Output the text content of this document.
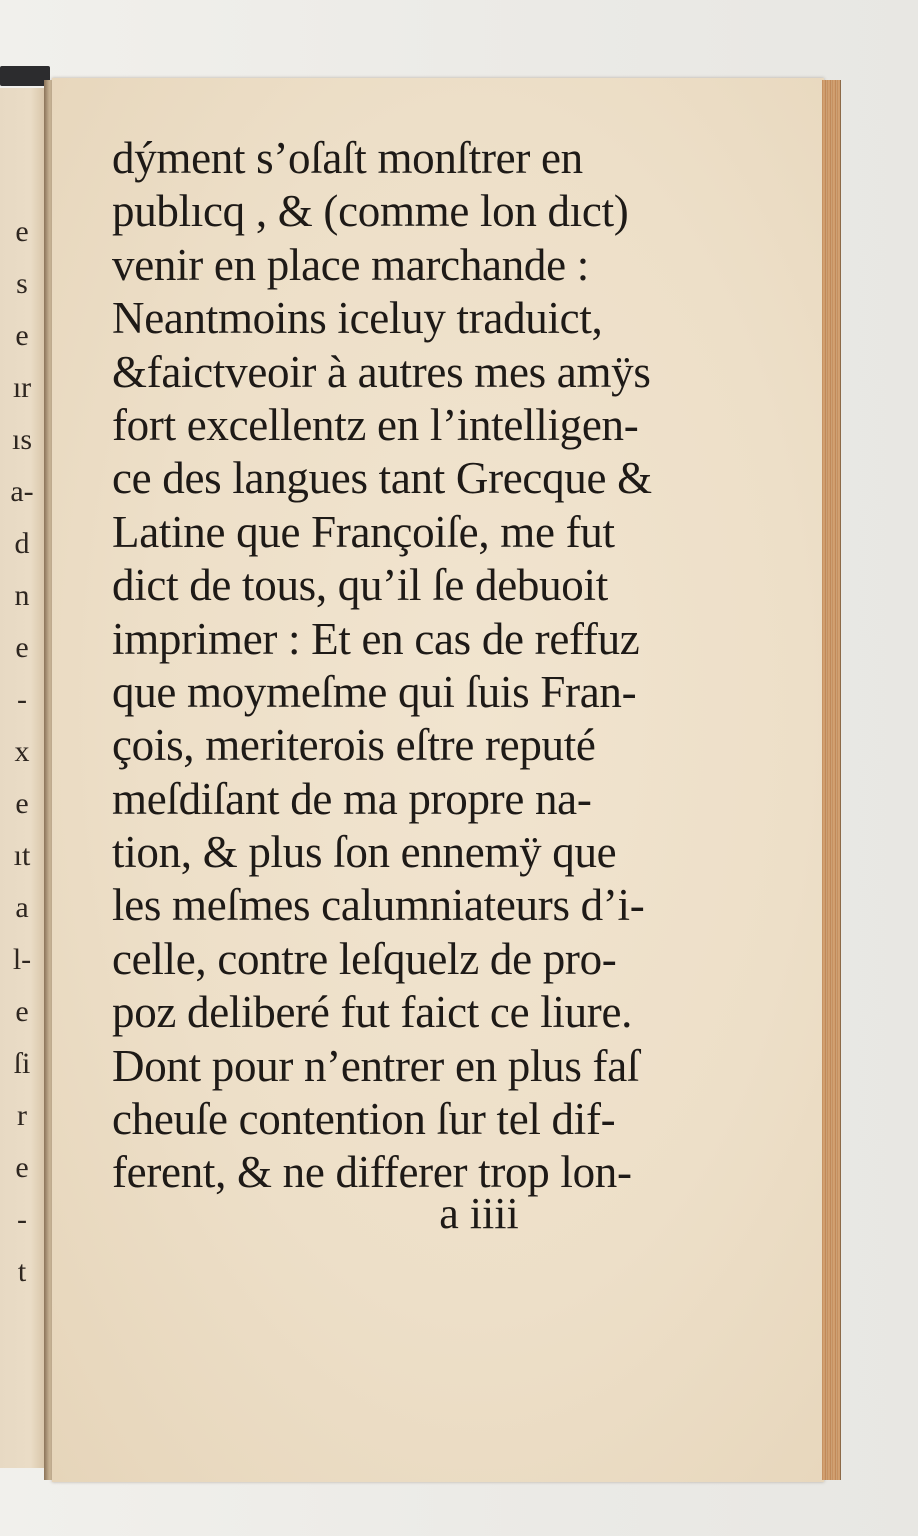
e
s
e
ır
ıs
a-
d
n
e
-
x
e
ıt
a
l-
e
ſi
r
e
-
t
dýment s’oſaſt monſtrer en
publıcq , & (comme lon dıct)
venir en place marchande :
Neantmoins iceluy traduict,
&faictveoir à autres mes amÿs
fort excellentz en l’intelligen-
ce des langues tant Grecque &
Latine que Françoiſe, me fut
dict de tous, qu’il ſe debuoit
imprimer : Et en cas de reffuz
que moymeſme qui ſuis Fran-
çois, meriterois eſtre reputé
meſdiſant de ma propre na-
tion, & plus ſon ennemÿ que
les meſmes calumniateurs d’i-
celle, contre leſquelz de pro-
poz deliberé fut faict ce liure.
Dont pour n’entrer en plus faſ
cheuſe contention ſur tel dif-
ferent, & ne differer trop lon-
a iiii
